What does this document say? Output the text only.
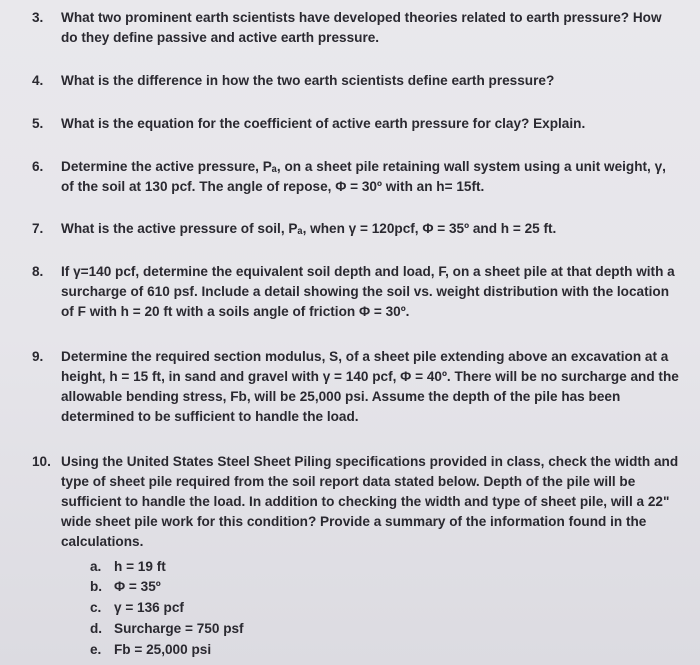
3. What two prominent earth scientists have developed theories related to earth pressure? How do they define passive and active earth pressure.
4. What is the difference in how the two earth scientists define earth pressure?
5. What is the equation for the coefficient of active earth pressure for clay? Explain.
6. Determine the active pressure, Pₐ, on a sheet pile retaining wall system using a unit weight, γ, of the soil at 130 pcf. The angle of repose, Φ = 30º with an h= 15ft.
7. What is the active pressure of soil, Pₐ, when γ = 120pcf, Φ = 35º and h = 25 ft.
8. If γ=140 pcf, determine the equivalent soil depth and load, F, on a sheet pile at that depth with a surcharge of 610 psf. Include a detail showing the soil vs. weight distribution with the location of F with h = 20 ft with a soils angle of friction Φ = 30º.
9. Determine the required section modulus, S, of a sheet pile extending above an excavation at a height, h = 15 ft, in sand and gravel with γ = 140 pcf, Φ = 40º. There will be no surcharge and the allowable bending stress, Fb, will be 25,000 psi. Assume the depth of the pile has been determined to be sufficient to handle the load.
10. Using the United States Steel Sheet Piling specifications provided in class, check the width and type of sheet pile required from the soil report data stated below. Depth of the pile will be sufficient to handle the load. In addition to checking the width and type of sheet pile, will a 22" wide sheet pile work for this condition? Provide a summary of the information found in the calculations.
a. h = 19 ft
b. Φ = 35º
c. γ = 136 pcf
d. Surcharge = 750 psf
e. Fb = 25,000 psi
